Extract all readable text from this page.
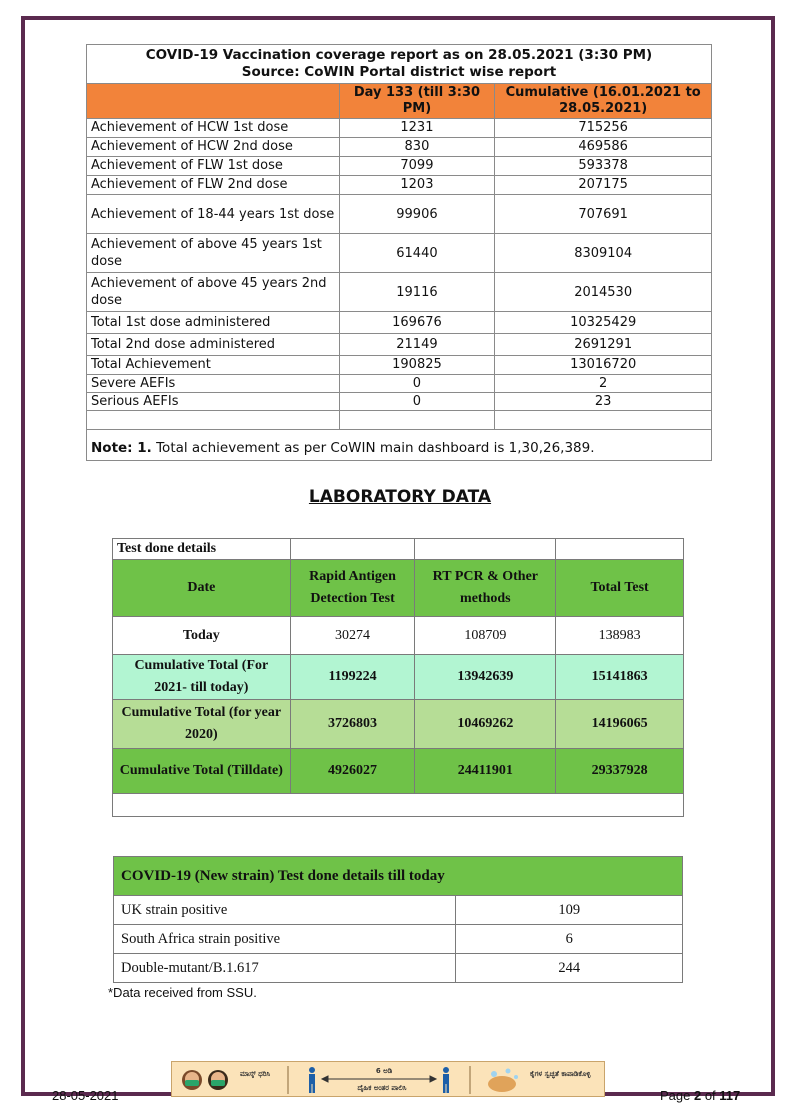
COVID-19 Vaccination coverage report as on 28.05.2021 (3:30 PM)
Source: CoWIN Portal district wise report		

	Day 133 (till 3:30 PM)	Cumulative (16.01.2021 to 28.05.2021)
Achievement of HCW 1st dose	1231	715256
Achievement of HCW 2nd dose	830	469586
Achievement of FLW 1st dose	7099	593378
Achievement of FLW 2nd dose	1203	207175
Achievement of 18-44 years 1st dose	99906	707691
Achievement of above 45 years 1st dose	61440	8309104
Achievement of above 45 years 2nd dose	19116	2014530
Total 1st dose administered	169676	10325429
Total 2nd dose administered	21149	2691291
Total Achievement	190825	13016720
Severe AEFIs	0	2
Serious AEFIs	0	23

Note: 1. Total achievement as per CoWIN main dashboard is 1,30,26,389.		
LABORATORY DATA
Test done details			
Date	Rapid Antigen Detection Test	RT PCR & Other methods	Total Test
Today	30274	108709	138983
Cumulative Total (For 2021- till today)	1199224	13942639	15141863
Cumulative Total (for year 2020)	3726803	10469262	14196065
Cumulative Total (Tilldate)	4926027	24411901	29337928

COVID-19 (New strain) Test done details till today	
UK strain positive	109
South Africa strain positive	6
Double-mutant/B.1.617	244
*Data received from SSU.
28-05-2021
ಮಾಸ್ಕ್ ಧರಿಸಿ	6 ಅಡಿ
ದೈಹಿಕ ಅಂತರ ಪಾಲಿಸಿ
ಕೈಗಳ ಸ್ವಚ್ಛತೆ ಕಾಪಾಡಿಕೊಳ್ಳಿ
Page 2 of 117
